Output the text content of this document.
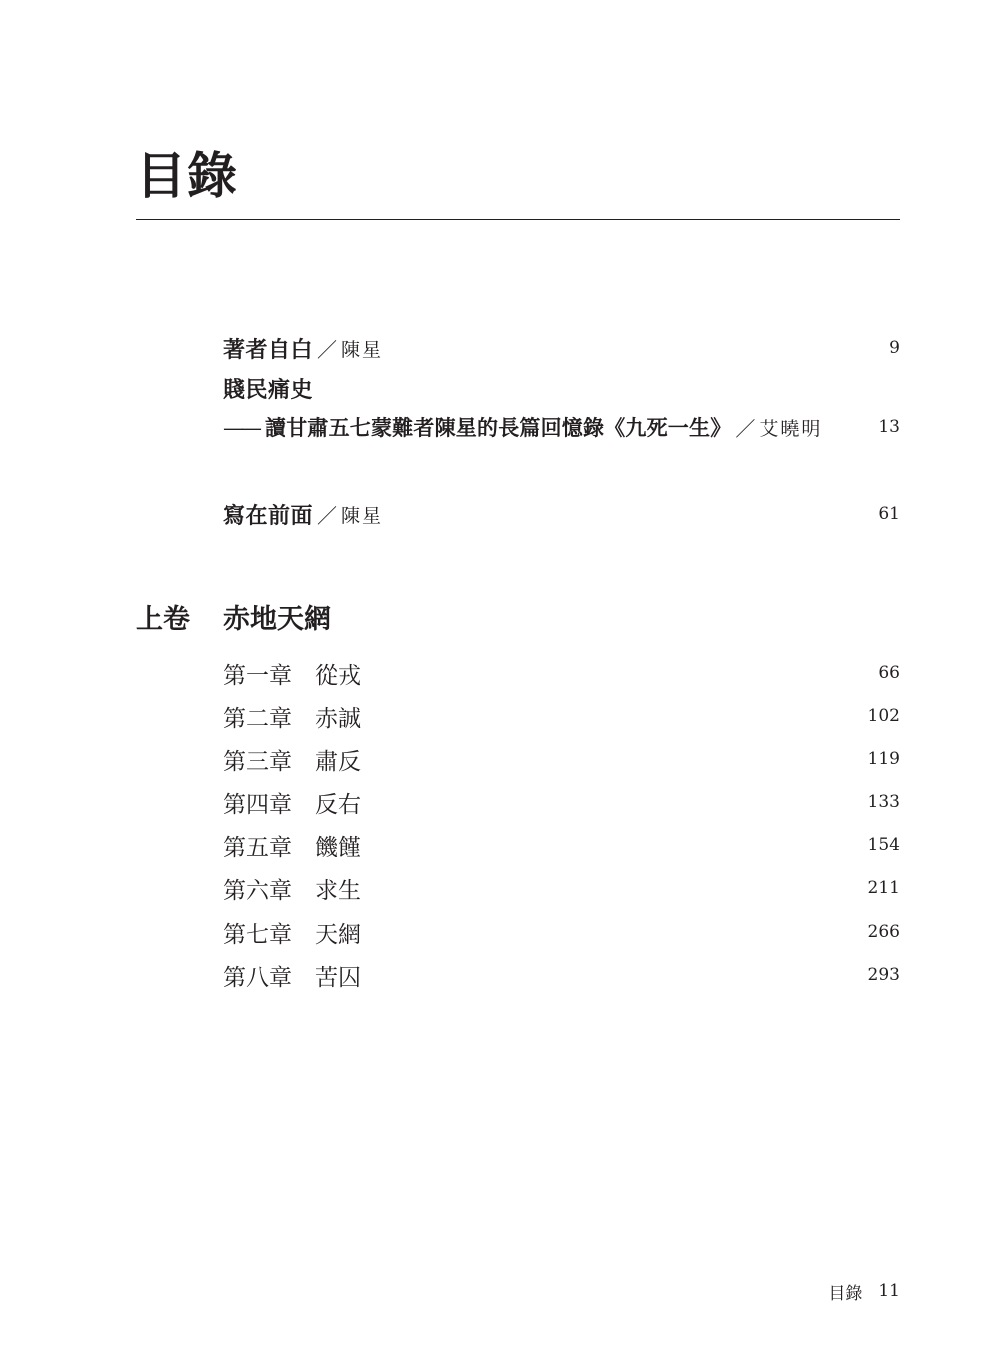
目錄
著者自白 ／ 陳星	9
賤民痛史
—— 讀甘肅五七蒙難者陳星的長篇回憶錄《九死一生》 ／ 艾曉明	13
寫在前面 ／ 陳星	61
上卷	赤地天網
第一章	從戎	66
第二章	赤誠	102
第三章	肅反	119
第四章	反右	133
第五章	饑饉	154
第六章	求生	211
第七章	天網	266
第八章	苦囚	293
目錄 11
